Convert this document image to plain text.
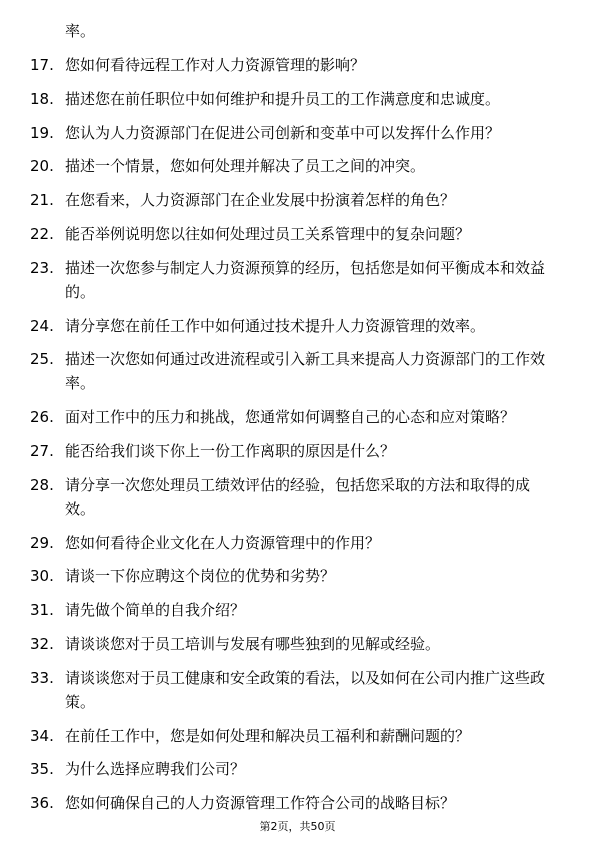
率。

17. 您如何看待远程工作对人力资源管理的影响？
18. 描述您在前任职位中如何维护和提升员工的工作满意度和忠诚度。
19. 您认为人力资源部门在促进公司创新和变革中可以发挥什么作用？
20. 描述一个情景，您如何处理并解决了员工之间的冲突。
21. 在您看来，人力资源部门在企业发展中扮演着怎样的角色？
22. 能否举例说明您以往如何处理过员工关系管理中的复杂问题？
23. 描述一次您参与制定人力资源预算的经历，包括您是如何平衡成本和效益的。
24. 请分享您在前任工作中如何通过技术提升人力资源管理的效率。
25. 描述一次您如何通过改进流程或引入新工具来提高人力资源部门的工作效率。
26. 面对工作中的压力和挑战，您通常如何调整自己的心态和应对策略？
27. 能否给我们谈下你上一份工作离职的原因是什么？
28. 请分享一次您处理员工绩效评估的经验，包括您采取的方法和取得的成效。
29. 您如何看待企业文化在人力资源管理中的作用？
30. 请谈一下你应聘这个岗位的优势和劣势？
31. 请先做个简单的自我介绍？
32. 请谈谈您对于员工培训与发展有哪些独到的见解或经验。
33. 请谈谈您对于员工健康和安全政策的看法，以及如何在公司内推广这些政策。
34. 在前任工作中，您是如何处理和解决员工福利和薪酬问题的？
35. 为什么选择应聘我们公司？
36. 您如何确保自己的人力资源管理工作符合公司的战略目标？
第2页，共50页
